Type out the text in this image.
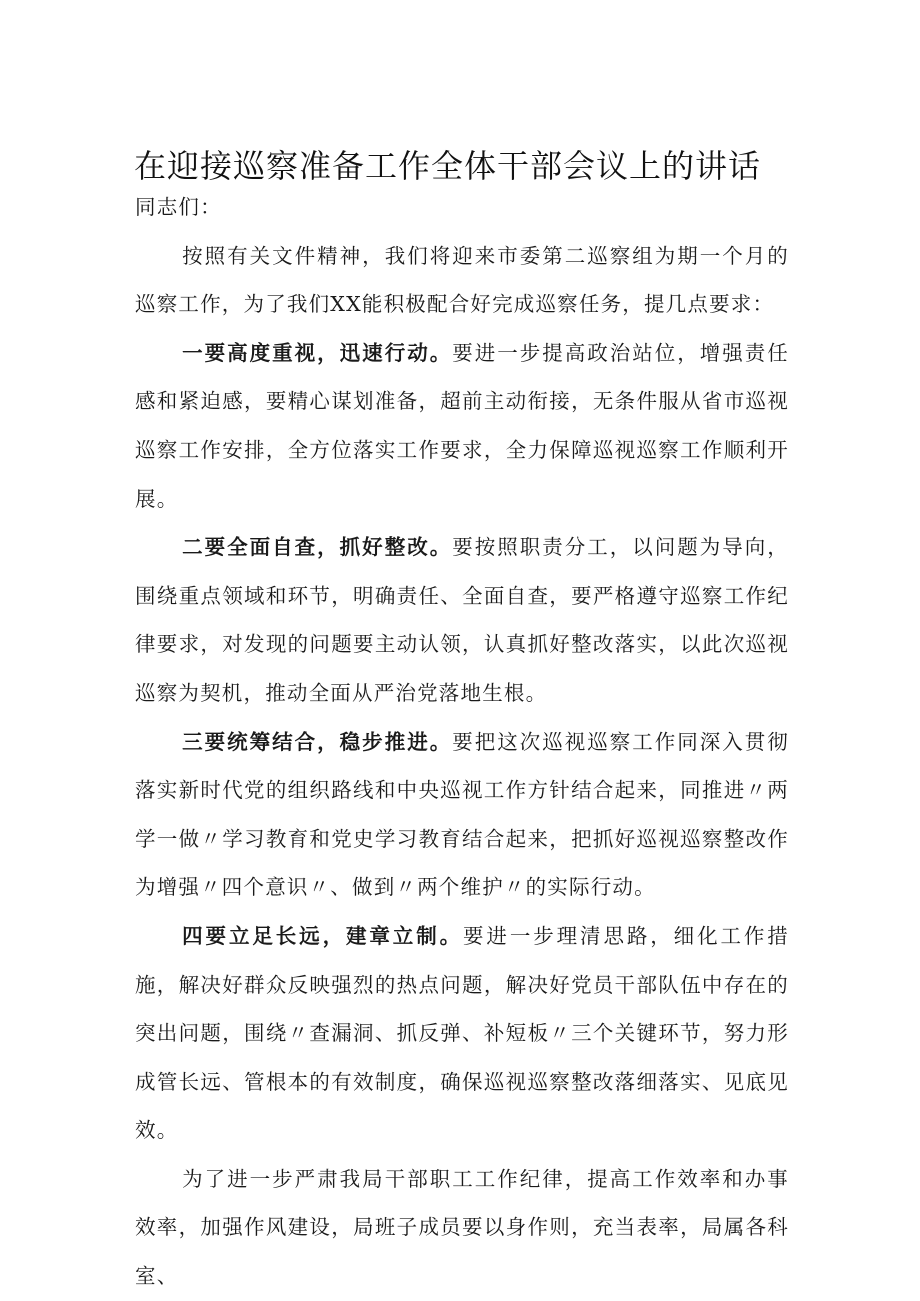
在迎接巡察准备工作全体干部会议上的讲话

同志们：

按照有关文件精神，我们将迎来市委第二巡察组为期一个月的巡察工作，为了我们XX能积极配合好完成巡察任务，提几点要求：

一要高度重视，迅速行动。要进一步提高政治站位，增强责任感和紧迫感，要精心谋划准备，超前主动衔接，无条件服从省市巡视巡察工作安排，全方位落实工作要求，全力保障巡视巡察工作顺利开展。

二要全面自查，抓好整改。要按照职责分工，以问题为导向，围绕重点领域和环节，明确责任、全面自查，要严格遵守巡察工作纪律要求，对发现的问题要主动认领，认真抓好整改落实，以此次巡视巡察为契机，推动全面从严治党落地生根。

三要统筹结合，稳步推进。要把这次巡视巡察工作同深入贯彻落实新时代党的组织路线和中央巡视工作方针结合起来，同推进〃两学一做〃学习教育和党史学习教育结合起来，把抓好巡视巡察整改作为增强〃四个意识〃、做到〃两个维护〃的实际行动。

四要立足长远，建章立制。要进一步理清思路，细化工作措施，解决好群众反映强烈的热点问题，解决好党员干部队伍中存在的突出问题，围绕〃查漏洞、抓反弹、补短板〃三个关键环节，努力形成管长远、管根本的有效制度，确保巡视巡察整改落细落实、见底见效。

为了进一步严肃我局干部职工工作纪律，提高工作效率和办事效率，加强作风建设，局班子成员要以身作则，充当表率，局属各科室、
